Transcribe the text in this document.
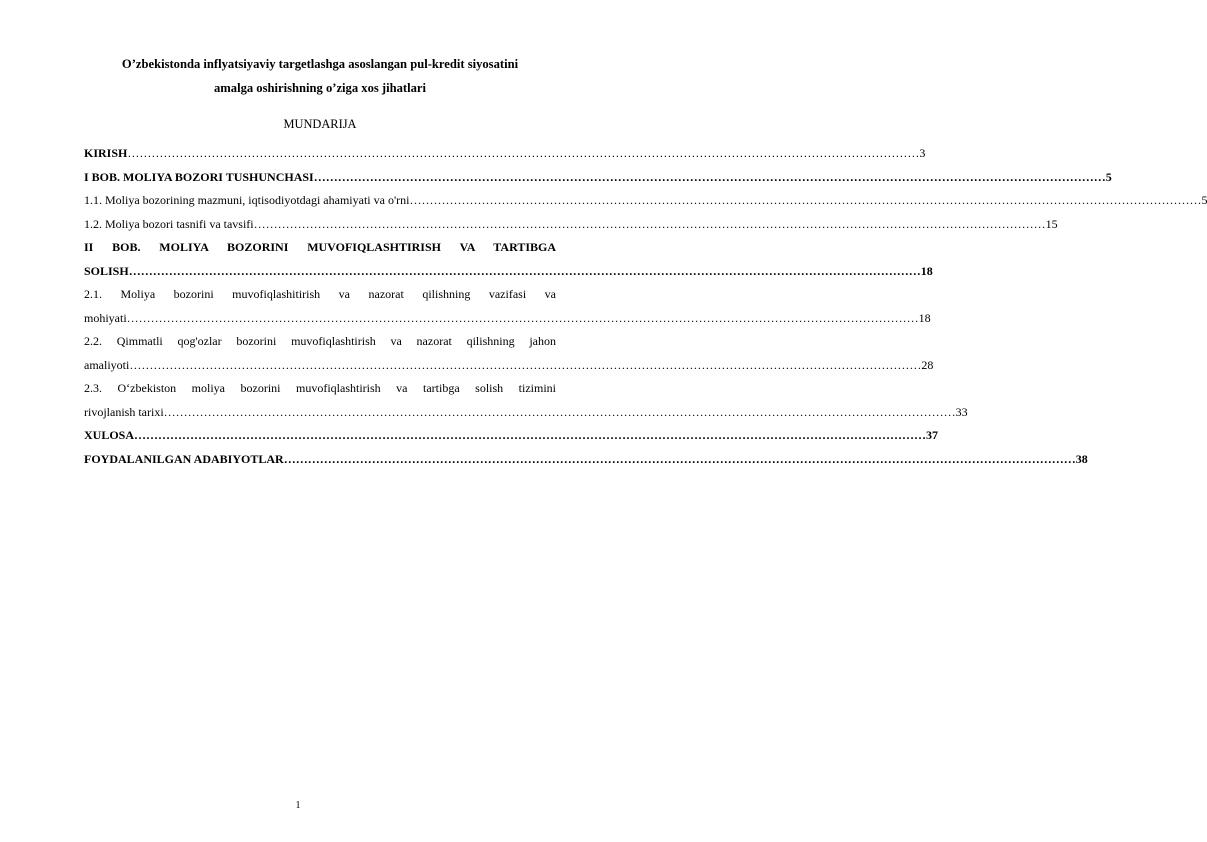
O’zbekistonda inflyatsiyaviy targetlashga asoslangan pul-kredit siyosatini
amalga oshirishning o’ziga xos jihatlari
MUNDARIJA
KIRISH ……………………………………………………………………………………………………………………………………………………………………………… 3
I BOB. MOLIYA BOZORI TUSHUNCHASI ……………………………………………………………………………………………………………………………………………………………………………… 5
1.1. Moliya bozorining mazmuni, iqtisodiyotdagi ahamiyati va o'rni ……………………………………………………………………………………………………………………………………………………………………………… 5
1.2. Moliya bozori tasnifi va tavsifi ……………………………………………………………………………………………………………………………………………………………………………… 15
II BOB. MOLIYA BOZORINI MUVOFIQLASHTIRISH VA TARTIBGA
SOLISH ……………………………………………………………………………………………………………………………………………………………………………… 18
2.1. Moliya bozorini muvofiqlashitirish va nazorat qilishning vazifasi va
mohiyati ……………………………………………………………………………………………………………………………………………………………………………… 18
2.2. Qimmatli qog'ozlar bozorini muvofiqlashtirish va nazorat qilishning jahon
amaliyoti ……………………………………………………………………………………………………………………………………………………………………………… 28
2.3. O‘zbekiston moliya bozorini muvofiqlashtirish va tartibga solish tizimini
rivojlanish tarixi ……………………………………………………………………………………………………………………………………………………………………………… 33
XULOSA ……………………………………………………………………………………………………………………………………………………………………………… 37
FOYDALANILGAN ADABIYOTLAR ……………………………………………………………………………………………………………………………………………………………………………… 38
1
